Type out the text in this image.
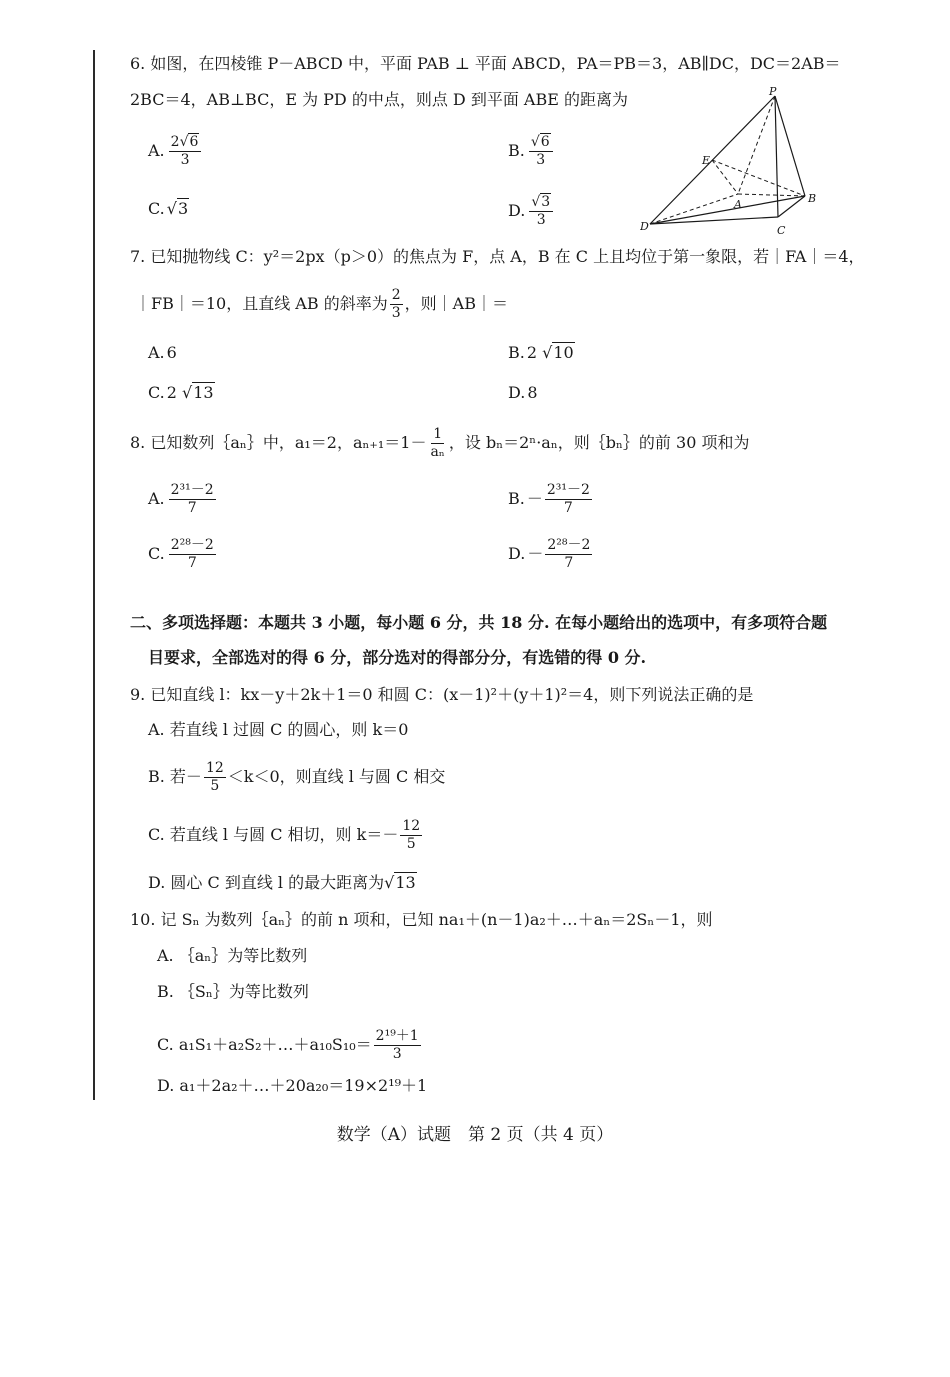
6. 如图，在四棱锥 P－ABCD 中，平面 PAB ⊥ 平面 ABCD，PA＝PB＝3，AB∥DC，DC＝2AB＝
2BC＝4，AB⊥BC，E 为 PD 的中点，则点 D 到平面 ABE 的距离为
A. $\frac{2√6}{3}$	B. $\frac{√6}{3}$
C. √3	D. $\frac{√3}{3}$
P
E
A	B
C
D
7. 已知抛物线 C：y²＝2px（p＞0）的焦点为 F，点 A，B 在 C 上且均位于第一象限，若｜FA｜＝4，
｜FB｜＝10，且直线 AB 的斜率为 $\frac{2}{3}$ ，则｜AB｜＝
A. 6	B. 2 √10
C. 2 √13	D. 8
8. 已知数列｛aₙ｝中，a₁＝2，$a_{n+1}=1- \frac{1}{\text{aₙ}}$ ，设 bₙ＝2ⁿ·aₙ，则｛bₙ｝的前 30 项和为
A. $\frac{\text{2³¹－2}}{7}$	B. － $\frac{\text{2³¹－2}}{7}$
C. $\frac{\text{2²⁸－2}}{7}$	D. － $\frac{\text{2²⁸－2}}{7}$
二、多项选择题：本题共 3 小题，每小题 6 分，共 18 分. 在每小题给出的选项中，有多项符合题
目要求，全部选对的得 6 分，部分选对的得部分分，有选错的得 0 分.
9. 已知直线 l：kx－y＋2k＋1＝0 和圆 C：(x－1)²＋(y＋1)²＝4，则下列说法正确的是
A. 若直线 l 过圆 C 的圆心，则 k＝0
B. 若－ $\frac{12}{5} <k<0$，则直线 l 与圆 C 相交
C. 若直线 l 与圆 C 相切，则 $k=- \frac{12}{5}$
D. 圆心 C 到直线 l 的最大距离为√13
10. 记 Sₙ 为数列｛aₙ｝的前 n 项和，已知 na₁＋(n－1)a₂＋…＋aₙ＝2Sₙ－1，则
A. ｛aₙ｝为等比数列
B. ｛Sₙ｝为等比数列
C. a₁S₁＋a₂S₂＋…＋a₁₀S₁₀＝ $\frac{\text{2¹⁹＋1}}{3}$
D. a₁＋2a₂＋…＋20a₂₀＝19×2¹⁹＋1
数学（A）试题　第 2 页（共 4 页）
